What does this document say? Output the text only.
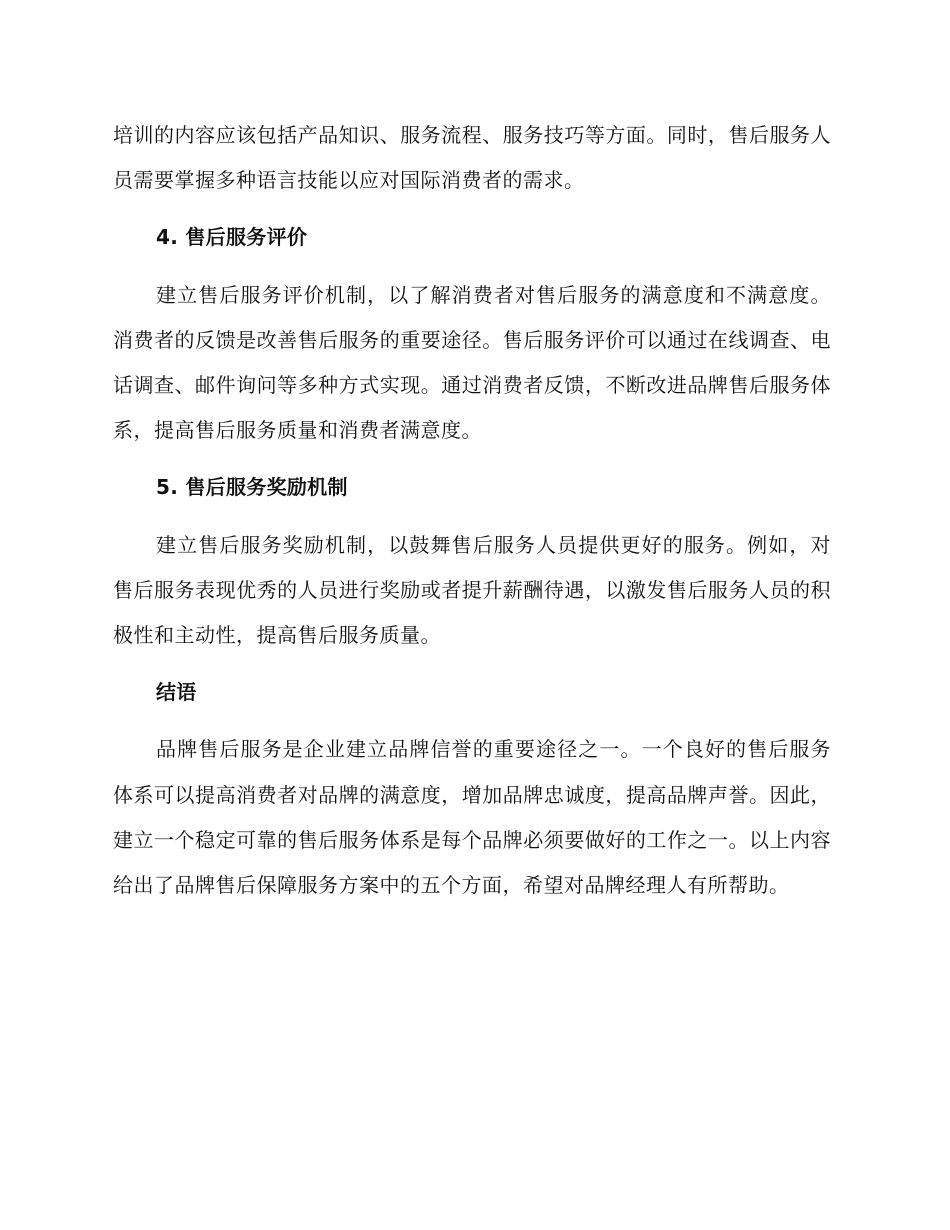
培训的内容应该包括产品知识、服务流程、服务技巧等方面。同时，售后服务人员需要掌握多种语言技能以应对国际消费者的需求。

4. 售后服务评价

建立售后服务评价机制，以了解消费者对售后服务的满意度和不满意度。消费者的反馈是改善售后服务的重要途径。售后服务评价可以通过在线调查、电话调查、邮件询问等多种方式实现。通过消费者反馈，不断改进品牌售后服务体系，提高售后服务质量和消费者满意度。

5. 售后服务奖励机制

建立售后服务奖励机制，以鼓舞售后服务人员提供更好的服务。例如，对售后服务表现优秀的人员进行奖励或者提升薪酬待遇，以激发售后服务人员的积极性和主动性，提高售后服务质量。

结语

品牌售后服务是企业建立品牌信誉的重要途径之一。一个良好的售后服务体系可以提高消费者对品牌的满意度，增加品牌忠诚度，提高品牌声誉。因此，建立一个稳定可靠的售后服务体系是每个品牌必须要做好的工作之一。以上内容给出了品牌售后保障服务方案中的五个方面，希望对品牌经理人有所帮助。
